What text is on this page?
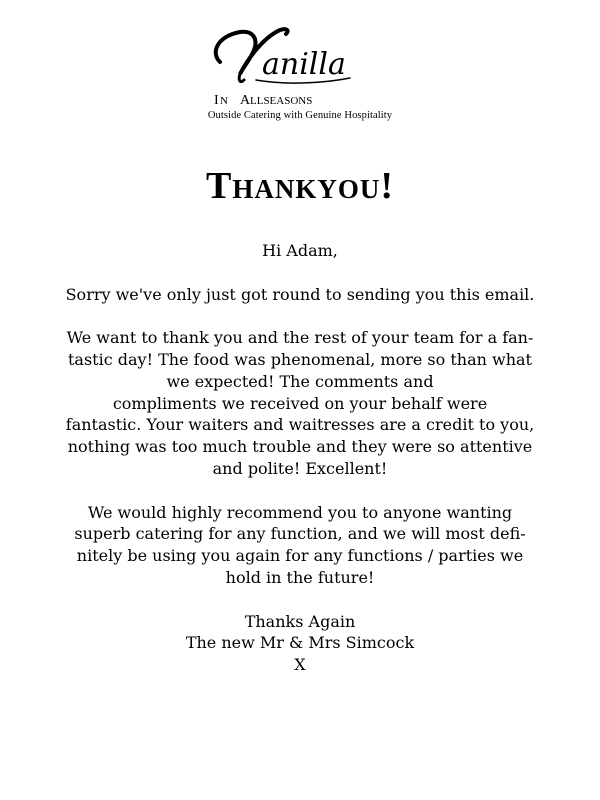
anilla
I N A LLSEASONS
Outside Catering with Genuine Hospitality
Thankyou!

Hi Adam,

Sorry we've only just got round to sending you this email.

We want to thank you and the rest of your team for a fan-

tastic day! The food was phenomenal, more so than what

we expected! The comments and

compliments we received on your behalf were

fantastic. Your waiters and waitresses are a credit to you,

nothing was too much trouble and they were so attentive

and polite! Excellent!

We would highly recommend you to anyone wanting

superb catering for any function, and we will most defi-

nitely be using you again for any functions / parties we

hold in the future!

Thanks Again

The new Mr & Mrs Simcock

X
